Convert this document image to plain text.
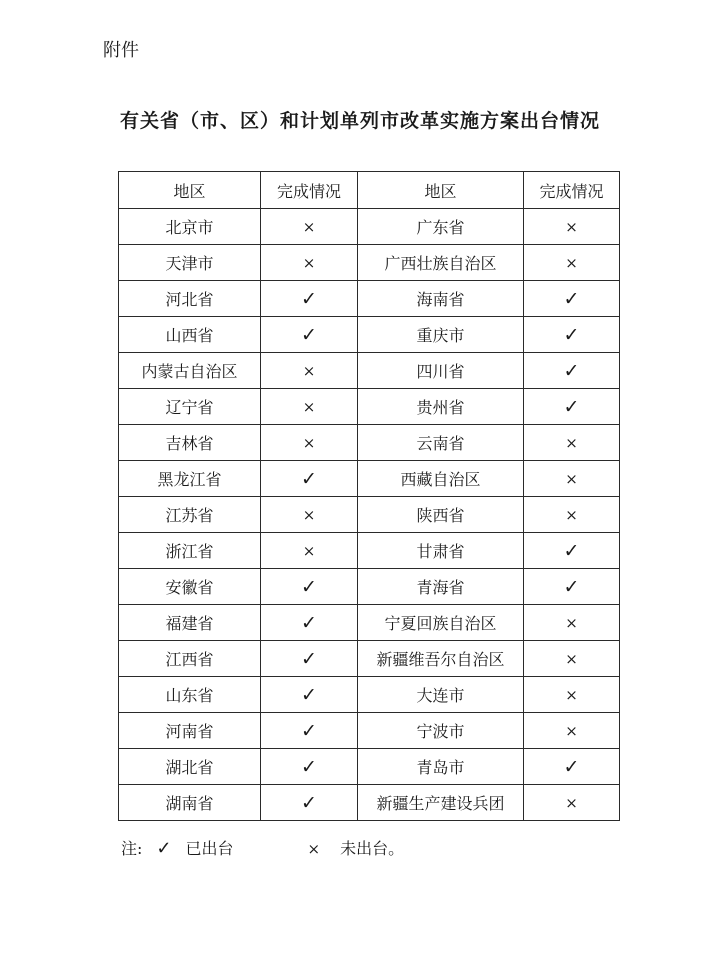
附件
有关省（市、区）和计划单列市改革实施方案出台情况
地区	完成情况	地区	完成情况
北京市	×	广东省	×
天津市	×	广西壮族自治区	×
河北省	✓	海南省	✓
山西省	✓	重庆市	✓
内蒙古自治区	×	四川省	✓
辽宁省	×	贵州省	✓
吉林省	×	云南省	×
黑龙江省	✓	西藏自治区	×
江苏省	×	陕西省	×
浙江省	×	甘肃省	✓
安徽省	✓	青海省	✓
福建省	✓	宁夏回族自治区	×
江西省	✓	新疆维吾尔自治区	×
山东省	✓	大连市	×
河南省	✓	宁波市	×
湖北省	✓	青岛市	✓
湖南省	✓	新疆生产建设兵团	×
注: ✓ 已出台	× 未出台。
